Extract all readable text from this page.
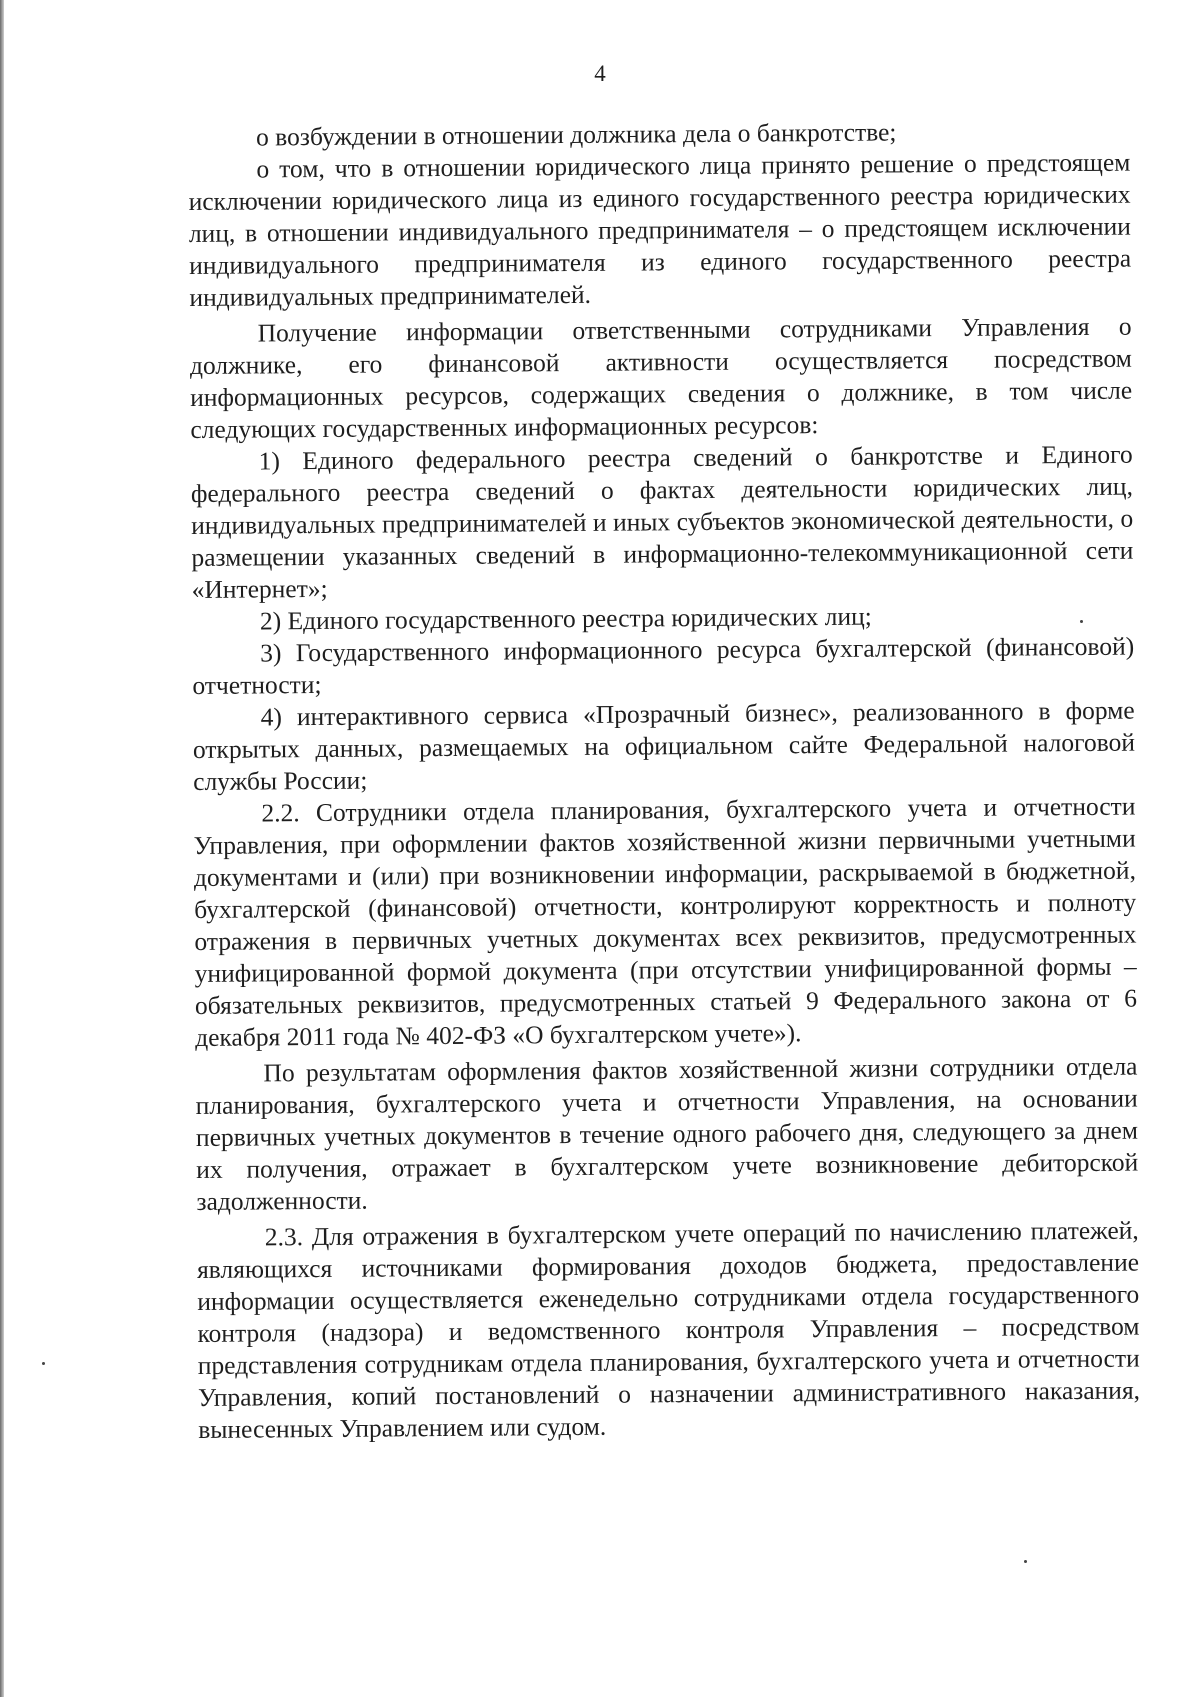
4

о возбуждении в отношении должника дела о банкротстве;

о том, что в отношении юридического лица принято решение о предстоящем исключении юридического лица из единого государственного реестра юридических лиц, в отношении индивидуального предпринимателя – о предстоящем исключении индивидуального предпринимателя из единого государственного реестра индивидуальных предпринимателей.

Получение информации ответственными сотрудниками Управления о должнике, его финансовой активности осуществляется посредством информационных ресурсов, содержащих сведения о должнике, в том числе следующих государственных информационных ресурсов:

1) Единого федерального реестра сведений о банкротстве и Единого федерального реестра сведений о фактах деятельности юридических лиц, индивидуальных предпринимателей и иных субъектов экономической деятельности, о размещении указанных сведений в информационно-телекоммуникационной сети «Интернет»;

2) Единого государственного реестра юридических лиц;

3) Государственного информационного ресурса бухгалтерской (финансовой) отчетности;

4) интерактивного сервиса «Прозрачный бизнес», реализованного в форме открытых данных, размещаемых на официальном сайте Федеральной налоговой службы России;

2.2. Сотрудники отдела планирования, бухгалтерского учета и отчетности Управления, при оформлении фактов хозяйственной жизни первичными учетными документами и (или) при возникновении информации, раскрываемой в бюджетной, бухгалтерской (финансовой) отчетности, контролируют корректность и полноту отражения в первичных учетных документах всех реквизитов, предусмотренных унифицированной формой документа (при отсутствии унифицированной формы – обязательных реквизитов, предусмотренных статьей 9 Федерального закона от 6 декабря 2011 года № 402-ФЗ «О бухгалтерском учете»).

По результатам оформления фактов хозяйственной жизни сотрудники отдела планирования, бухгалтерского учета и отчетности Управления, на основании первичных учетных документов в течение одного рабочего дня, следующего за днем их получения, отражает в бухгалтерском учете возникновение дебиторской задолженности.

2.3. Для отражения в бухгалтерском учете операций по начислению платежей, являющихся источниками формирования доходов бюджета, предоставление информации осуществляется еженедельно сотрудниками отдела государственного контроля (надзора) и ведомственного контроля Управления – посредством представления сотрудникам отдела планирования, бухгалтерского учета и отчетности Управления, копий постановлений о назначении административного наказания, вынесенных Управлением или судом.
